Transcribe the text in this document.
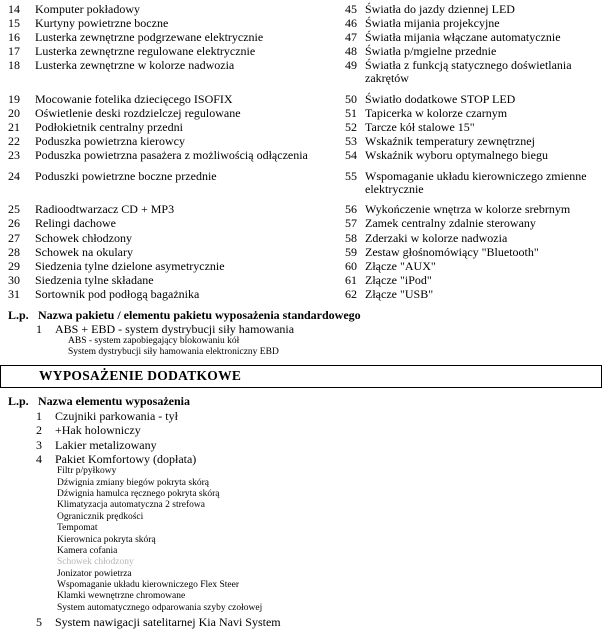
14	Komputer pokładowy	45	Światła do jazdy dziennej LED
15	Kurtyny powietrzne boczne	46	Światła mijania projekcyjne
16	Lusterka zewnętrzne podgrzewane elektrycznie	47	Światła mijania włączane automatycznie
17	Lusterka zewnętrzne regulowane elektrycznie	48	Światła p/mgielne przednie
18	Lusterka zewnętrzne w kolorze nadwozia	49	Światła z funkcją statycznego doświetlania zakrętów
19	Mocowanie fotelika dziecięcego ISOFIX	50	Światło dodatkowe STOP LED
20	Oświetlenie deski rozdzielczej regulowane	51	Tapicerka w kolorze czarnym
21	Podłokietnik centralny przedni	52	Tarcze kół stalowe 15"
22	Poduszka powietrzna kierowcy	53	Wskaźnik temperatury zewnętrznej
23	Poduszka powietrzna pasażera z możliwością odłączenia	54	Wskaźnik wyboru optymalnego biegu
24	Poduszki powietrzne boczne przednie	55	Wspomaganie układu kierowniczego zmienne elektrycznie
25	Radioodtwarzacz CD + MP3	56	Wykończenie wnętrza w kolorze srebrnym
26	Relingi dachowe	57	Zamek centralny zdalnie sterowany
27	Schowek chłodzony	58	Zderzaki w kolorze nadwozia
28	Schowek na okulary	59	Zestaw głośnomówiący "Bluetooth"
29	Siedzenia tylne dzielone asymetrycznie	60	Złącze "AUX"
30	Siedzenia tylne składane	61	Złącze "iPod"
31	Sortownik pod podłogą bagażnika	62	Złącze "USB"
L.p. Nazwa pakietu / elementu pakietu wyposażenia standardowego
1	ABS + EBD - system dystrybucji siły hamowania
ABS - system zapobiegający blokowaniu kół
System dystrybucji siły hamowania elektroniczny EBD
WYPOSAŻENIE DODATKOWE
L.p. Nazwa elementu wyposażenia
1	Czujniki parkowania - tył
2	+Hak holowniczy
3	Lakier metalizowany
4	Pakiet Komfortowy (dopłata)
Filtr p/pyłkowy
Dźwignia zmiany biegów pokryta skórą
Dźwignia hamulca ręcznego pokryta skórą
Klimatyzacja automatyczna 2 strefowa
Ogranicznik prędkości
Tempomat
Kierownica pokryta skórą
Kamera cofania
Schowek chłodzony
Jonizator powietrza
Wspomaganie układu kierowniczego Flex Steer
Klamki wewnętrzne chromowane
System automatycznego odparowania szyby czołowej
5	System nawigacji satelitarnej Kia Navi System
